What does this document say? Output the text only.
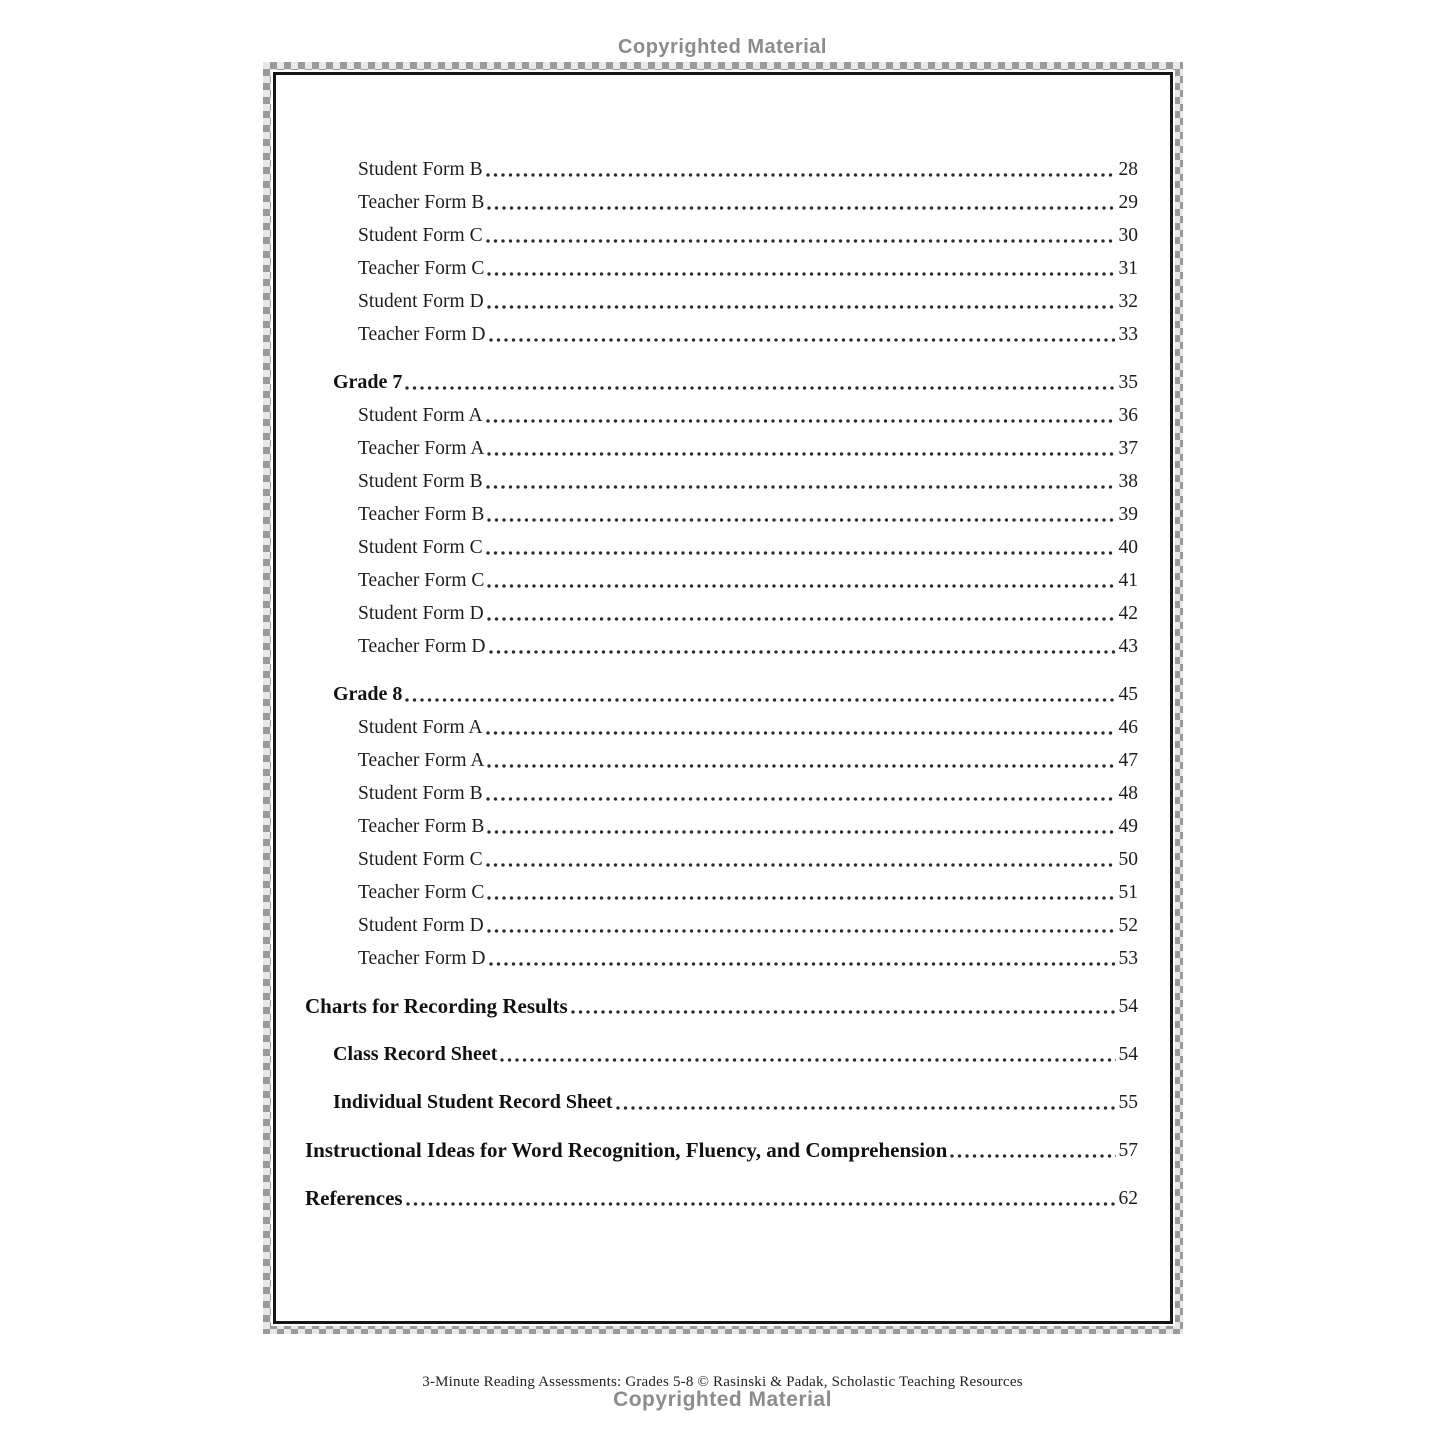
Copyrighted Material
Student Form B	28
Teacher Form B	29
Student Form C	30
Teacher Form C	31
Student Form D	32
Teacher Form D	33
Grade 7	35
Student Form A	36
Teacher Form A	37
Student Form B	38
Teacher Form B	39
Student Form C	40
Teacher Form C	41
Student Form D	42
Teacher Form D	43
Grade 8	45
Student Form A	46
Teacher Form A	47
Student Form B	48
Teacher Form B	49
Student Form C	50
Teacher Form C	51
Student Form D	52
Teacher Form D	53
Charts for Recording Results	54
Class Record Sheet	54
Individual Student Record Sheet	55
Instructional Ideas for Word Recognition, Fluency, and Comprehension	57
References	62
3-Minute Reading Assessments: Grades 5-8 © Rasinski & Padak, Scholastic Teaching Resources
Copyrighted Material
